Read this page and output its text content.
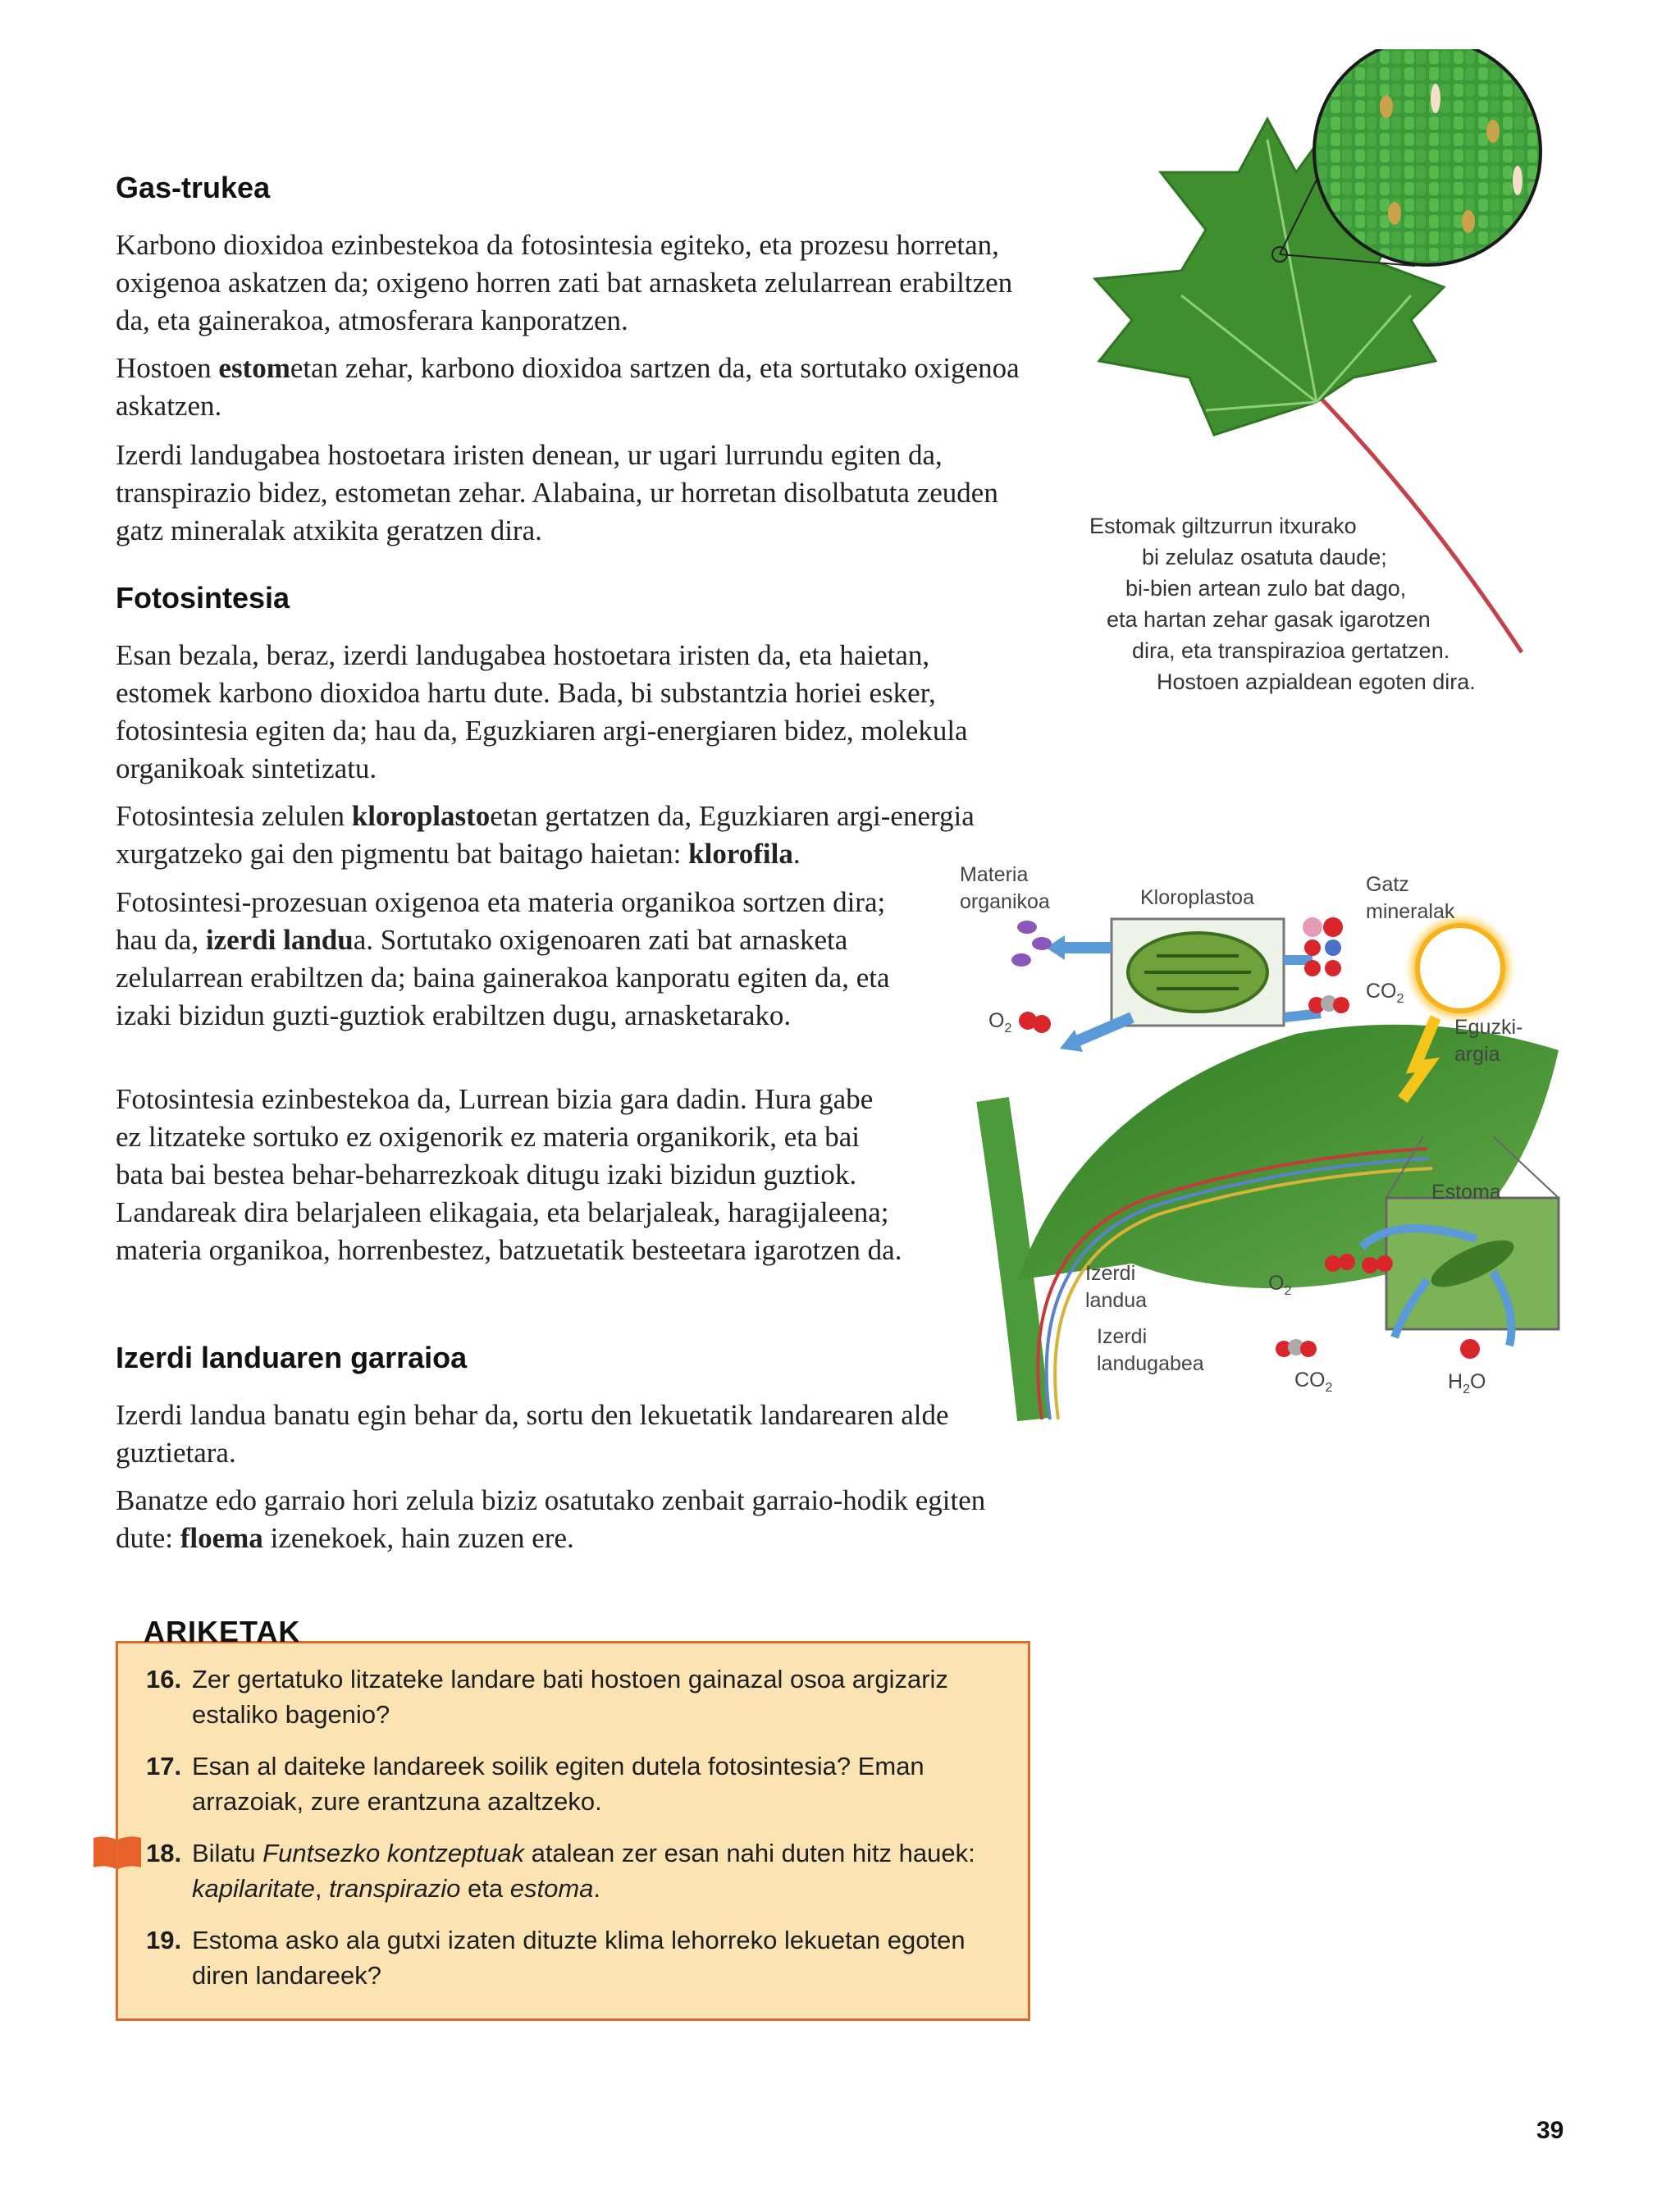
Gas-trukea

Karbono dioxidoa ezinbestekoa da fotosintesia egiteko, eta prozesu horretan, oxigenoa askatzen da; oxigeno horren zati bat arnasketa zelularrean erabiltzen da, eta gainerakoa, atmosferara kanporatzen.

Hostoen estometan zehar, karbono dioxidoa sartzen da, eta sortutako oxigenoa askatzen.

Izerdi landugabea hostoetara iristen denean, ur ugari lurrundu egiten da, transpirazio bidez, estometan zehar. Alabaina, ur horretan disolbatuta zeuden gatz mineralak atxikita geratzen dira.

Fotosintesia

Esan bezala, beraz, izerdi landugabea hostoetara iristen da, eta haietan, estomek karbono dioxidoa hartu dute. Bada, bi substantzia horiei esker, fotosintesia egiten da; hau da, Eguzkiaren argi-energiaren bidez, molekula organikoak sintetizatu.

Fotosintesia zelulen kloroplastoetan gertatzen da, Eguzkiaren argi-energia xurgatzeko gai den pigmentu bat baitago haietan: klorofila.

Fotosintesi-prozesuan oxigenoa eta materia organikoa sortzen dira; hau da, izerdi landua. Sortutako oxigenoaren zati bat arnasketa zelularrean erabiltzen da; baina gainerakoa kanporatu egiten da, eta izaki bizidun guzti-guztiok erabiltzen dugu, arnasketarako.

Fotosintesia ezinbestekoa da, Lurrean bizia gara dadin. Hura gabe ez litzateke sortuko ez oxigenorik ez materia organikorik, eta bai bata bai bestea behar-beharrezkoak ditugu izaki bizidun guztiok. Landareak dira belarjaleen elikagaia, eta belarjaleak, haragijaleena; materia organikoa, horrenbestez, batzuetatik besteetara igarotzen da.

Izerdi landuaren garraioa

Izerdi landua banatu egin behar da, sortu den lekuetatik landarearen alde guztietara.

Banatze edo garraio hori zelula biziz osatutako zenbait garraio-hodik egiten dute: floema izenekoek, hain zuzen ere.

Estomak giltzurrun itxurako
bi zelulaz osatuta daude;
bi-bien artean zulo bat dago,
eta hartan zehar gasak igarotzen
dira, eta transpirazioa gertatzen.
Hostoen azpialdean egoten dira.
Materia
organikoa	Kloroplastoa
Gatz
mineralak
$CO_2$
$O_2$	Eguzki-
argia
Estoma
Izerdi
landua
Izerdi
landugabea
$O_2$
$CO_2$	$H_2O$
16. Zer gertatuko litzateke landare bati hostoen gainazal osoa argizariz estaliko bagenio?
17. Esan al daiteke landareek soilik egiten dutela fotosintesia? Eman arrazoiak, zure erantzuna azaltzeko.
18. Bilatu Funtsezko kontzeptuak atalean zer esan nahi duten hitz hauek: kapilaritate, transpirazio eta estoma.
19. Estoma asko ala gutxi izaten dituzte klima lehorreko lekuetan egoten diren landareek?
ARIKETAK
39
